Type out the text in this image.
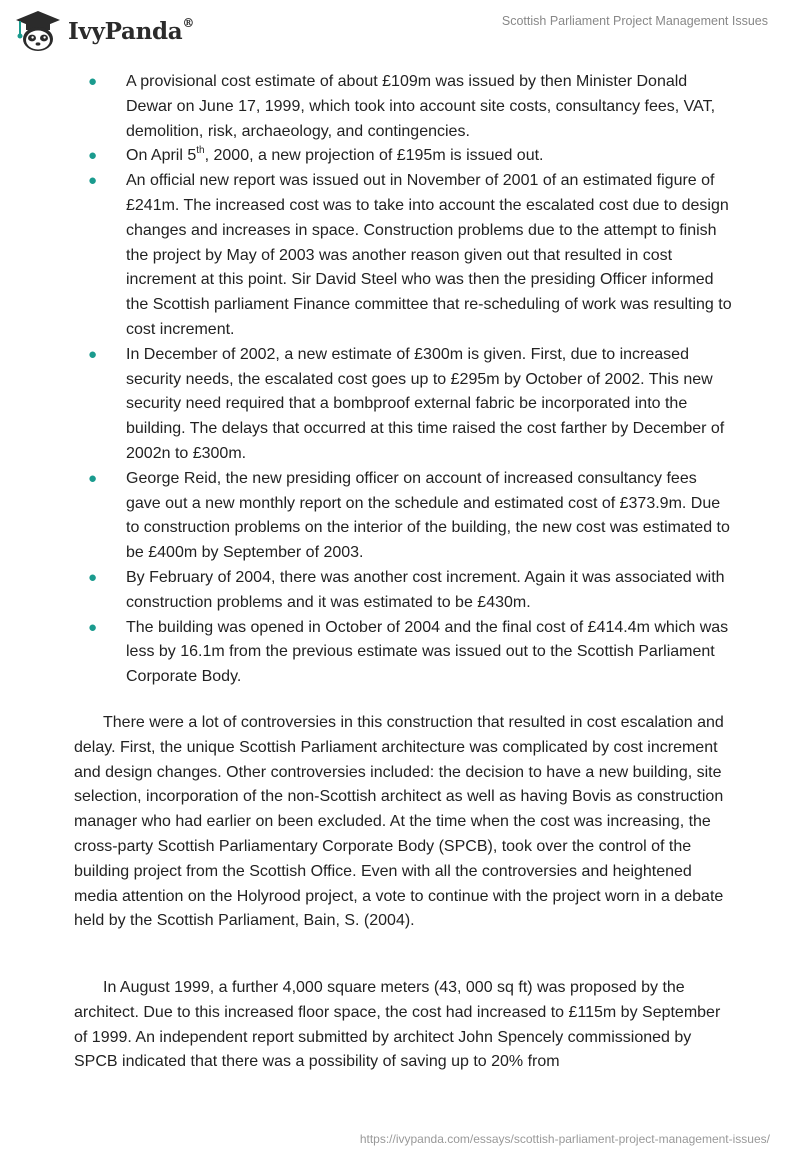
IvyPanda®	Scottish Parliament Project Management Issues
● A provisional cost estimate of about £109m was issued by then Minister Donald Dewar on June 17, 1999, which took into account site costs, consultancy fees, VAT, demolition, risk, archaeology, and contingencies.
● On April 5th, 2000, a new projection of £195m is issued out.
● An official new report was issued out in November of 2001 of an estimated figure of £241m. The increased cost was to take into account the escalated cost due to design changes and increases in space. Construction problems due to the attempt to finish the project by May of 2003 was another reason given out that resulted in cost increment at this point. Sir David Steel who was then the presiding Officer informed the Scottish parliament Finance committee that re-scheduling of work was resulting to cost increment.
● In December of 2002, a new estimate of £300m is given. First, due to increased security needs, the escalated cost goes up to £295m by October of 2002. This new security need required that a bombproof external fabric be incorporated into the building. The delays that occurred at this time raised the cost farther by December of 2002n to £300m.
● George Reid, the new presiding officer on account of increased consultancy fees gave out a new monthly report on the schedule and estimated cost of £373.9m. Due to construction problems on the interior of the building, the new cost was estimated to be £400m by September of 2003.
● By February of 2004, there was another cost increment. Again it was associated with construction problems and it was estimated to be £430m.
● The building was opened in October of 2004 and the final cost of £414.4m which was less by 16.1m from the previous estimate was issued out to the Scottish Parliament Corporate Body.

There were a lot of controversies in this construction that resulted in cost escalation and delay. First, the unique Scottish Parliament architecture was complicated by cost increment and design changes. Other controversies included: the decision to have a new building, site selection, incorporation of the non-Scottish architect as well as having Bovis as construction manager who had earlier on been excluded. At the time when the cost was increasing, the cross-party Scottish Parliamentary Corporate Body (SPCB), took over the control of the building project from the Scottish Office. Even with all the controversies and heightened media attention on the Holyrood project, a vote to continue with the project worn in a debate held by the Scottish Parliament, Bain, S. (2004).

In August 1999, a further 4,000 square meters (43, 000 sq ft) was proposed by the architect. Due to this increased floor space, the cost had increased to £115m by September of 1999. An independent report submitted by architect John Spencely commissioned by SPCB indicated that there was a possibility of saving up to 20% from

https://ivypanda.com/essays/scottish-parliament-project-management-issues/
